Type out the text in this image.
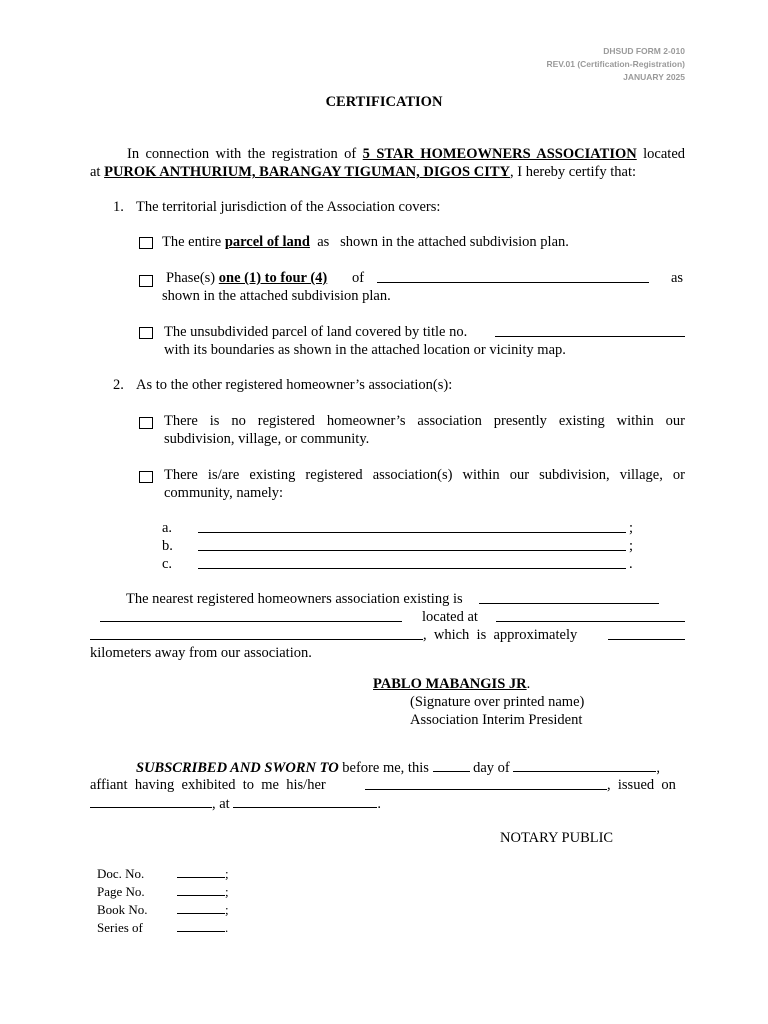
DHSUD FORM 2-010
REV.01 (Certification-Registration)
JANUARY 2025
CERTIFICATION
In connection with the registration of 5 STAR HOMEOWNERS ASSOCIATION located
at PUROK ANTHURIUM, BARANGAY TIGUMAN, DIGOS CITY, I hereby certify that:
1. The territorial jurisdiction of the Association covers:
The entire parcel of land as   shown in the attached subdivision plan.
Phase(s) one (1) to four (4) of	as
shown in the attached subdivision plan.
The unsubdivided parcel of land covered by title no.
with its boundaries as shown in the attached location or vicinity map.
2. As to the other registered homeowner’s association(s):
There is no registered homeowner’s association presently existing within our
subdivision, village, or community.
There is/are existing registered association(s) within our subdivision, village, or
community, namely:
a.	;
b.	;
c.	.
The nearest registered homeowners association existing is
located at
,  which  is  approximately
kilometers away from our association.
PABLO MABANGIS JR.
(Signature over printed name)
Association Interim President
SUBSCRIBED AND SWORN TO before me, this	day of	,
affiant  having  exhibited  to  me  his/her	,  issued  on
, at	.
NOTARY PUBLIC
Doc. No.	;
Page No.	;
Book No.	;
Series of	.
